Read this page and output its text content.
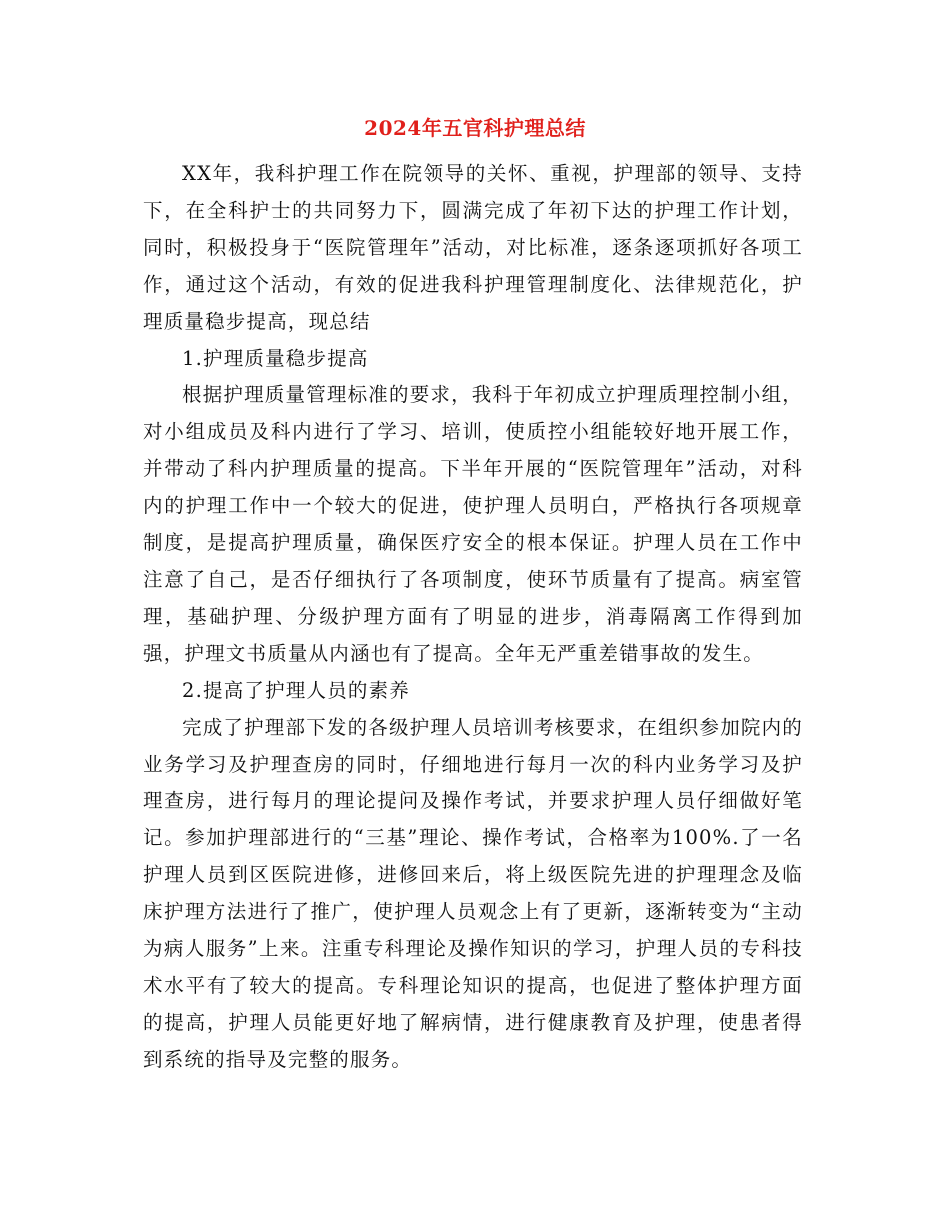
2024年五官科护理总结

XX年，我科护理工作在院领导的关怀、重视，护理部的领导、支持下，在全科护士的共同努力下，圆满完成了年初下达的护理工作计划，同时，积极投身于“医院管理年”活动，对比标准，逐条逐项抓好各项工作，通过这个活动，有效的促进我科护理管理制度化、法律规范化，护理质量稳步提高，现总结

1.护理质量稳步提高

根据护理质量管理标准的要求，我科于年初成立护理质理控制小组，对小组成员及科内进行了学习、培训，使质控小组能较好地开展工作，并带动了科内护理质量的提高。下半年开展的“医院管理年”活动，对科内的护理工作中一个较大的促进，使护理人员明白，严格执行各项规章制度，是提高护理质量，确保医疗安全的根本保证。护理人员在工作中注意了自己，是否仔细执行了各项制度，使环节质量有了提高。病室管理，基础护理、分级护理方面有了明显的进步，消毒隔离工作得到加强，护理文书质量从内涵也有了提高。全年无严重差错事故的发生。

2.提高了护理人员的素养

完成了护理部下发的各级护理人员培训考核要求，在组织参加院内的业务学习及护理查房的同时，仔细地进行每月一次的科内业务学习及护理查房，进行每月的理论提问及操作考试，并要求护理人员仔细做好笔记。参加护理部进行的“三基”理论、操作考试，合格率为100%.了一名护理人员到区医院进修，进修回来后，将上级医院先进的护理理念及临床护理方法进行了推广，使护理人员观念上有了更新，逐渐转变为“主动为病人服务”上来。注重专科理论及操作知识的学习，护理人员的专科技术水平有了较大的提高。专科理论知识的提高，也促进了整体护理方面的提高，护理人员能更好地了解病情，进行健康教育及护理，使患者得到系统的指导及完整的服务。
